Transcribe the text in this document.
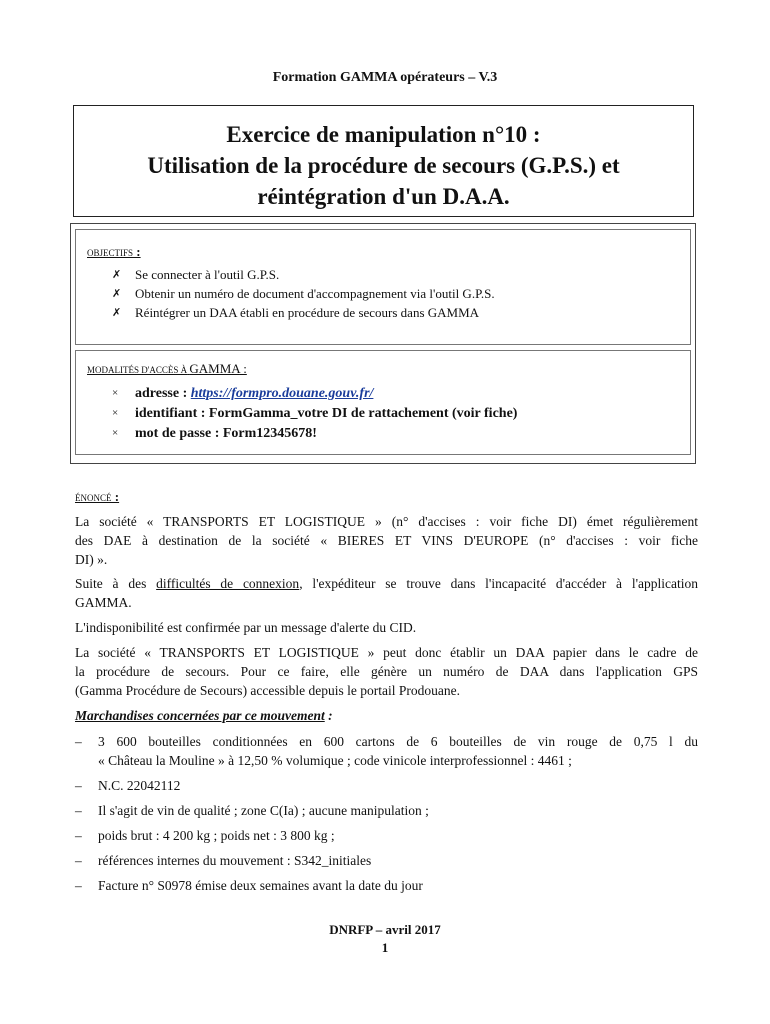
Formation GAMMA opérateurs – V.3
Exercice de manipulation n°10 :
Utilisation de la procédure de secours (G.P.S.) et
réintégration d'un D.A.A.
OBJECTIFS :
✗ Se connecter à l'outil G.P.S.
✗ Obtenir un numéro de document d'accompagnement via l'outil G.P.S.
✗ Réintégrer un DAA établi en procédure de secours dans GAMMA
MODALITÉS D'ACCÈS À GAMMA :
× adresse : https://formpro.douane.gouv.fr/
× identifiant : FormGamma_votre DI de rattachement (voir fiche)
× mot de passe : Form12345678!
ÉNONCÉ :
La société « TRANSPORTS ET LOGISTIQUE » (n° d'accises : voir fiche DI) émet régulièrement
des DAE à destination de la société « BIERES ET VINS D'EUROPE (n° d'accises : voir fiche
DI) ».
Suite à des difficultés de connexion, l'expéditeur se trouve dans l'incapacité d'accéder à l'application
GAMMA.
L'indisponibilité est confirmée par un message d'alerte du CID.
La société « TRANSPORTS ET LOGISTIQUE » peut donc établir un DAA papier dans le cadre de
la procédure de secours. Pour ce faire, elle génère un numéro de DAA dans l'application GPS
(Gamma Procédure de Secours) accessible depuis le portail Prodouane.
Marchandises concernées par ce mouvement :
– 3 600 bouteilles conditionnées en 600 cartons de 6 bouteilles de vin rouge de 0,75 l du
« Château la Mouline » à 12,50 % volumique ; code vinicole interprofessionnel : 4461 ;
– N.C. 22042112
– Il s'agit de vin de qualité ; zone C(Ia) ; aucune manipulation ;
– poids brut : 4 200 kg ; poids net : 3 800 kg ;
– références internes du mouvement : S342_initiales
– Facture n° S0978 émise deux semaines avant la date du jour
DNRFP – avril 2017
1
